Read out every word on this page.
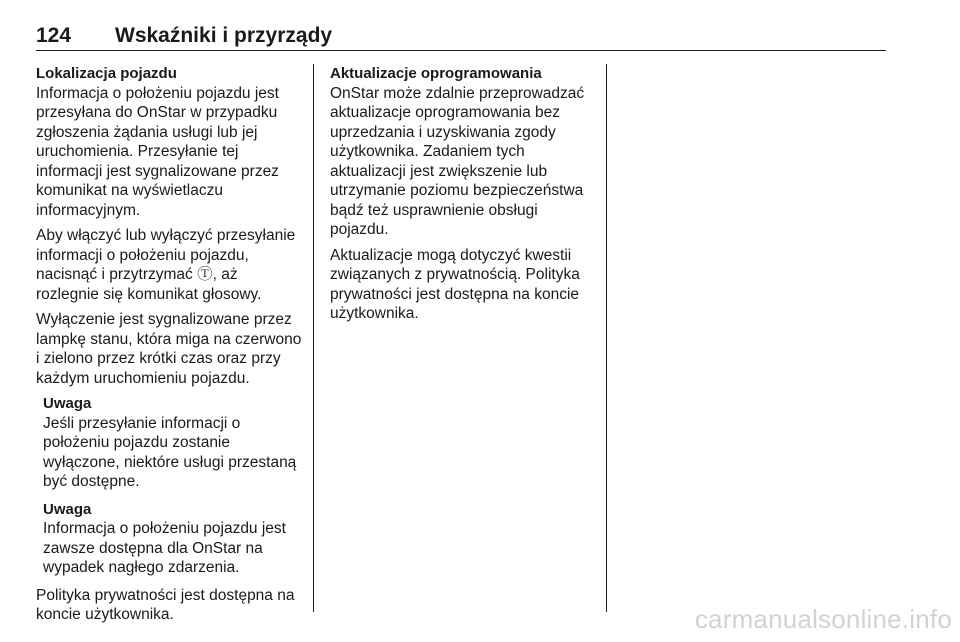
124 Wskaźniki i przyrządy
Lokalizacja pojazdu

Informacja o położeniu pojazdu jest przesyłana do OnStar w przypadku zgłoszenia żądania usługi lub jej uruchomienia. Przesyłanie tej informacji jest sygnalizowane przez komunikat na wyświetlaczu informacyjnym.

Aby włączyć lub wyłączyć przesyłanie informacji o położeniu pojazdu, nacisnąć i przytrzymać Ⓣ, aż rozlegnie się komunikat głosowy.

Wyłączenie jest sygnalizowane przez lampkę stanu, która miga na czerwono i zielono przez krótki czas oraz przy każdym uruchomieniu pojazdu.

Uwaga
Jeśli przesyłanie informacji o położeniu pojazdu zostanie wyłączone, niektóre usługi przestaną być dostępne.
Uwaga
Informacja o położeniu pojazdu jest zawsze dostępna dla OnStar na wypadek nagłego zdarzenia.

Polityka prywatności jest dostępna na koncie użytkownika.

Aktualizacje oprogramowania

OnStar może zdalnie przeprowadzać aktualizacje oprogramowania bez uprzedzania i uzyskiwania zgody użytkownika. Zadaniem tych aktualizacji jest zwiększenie lub utrzymanie poziomu bezpieczeństwa bądź też usprawnienie obsługi pojazdu.

Aktualizacje mogą dotyczyć kwestii związanych z prywatnością. Polityka prywatności jest dostępna na koncie użytkownika.

carmanualsonline.info
